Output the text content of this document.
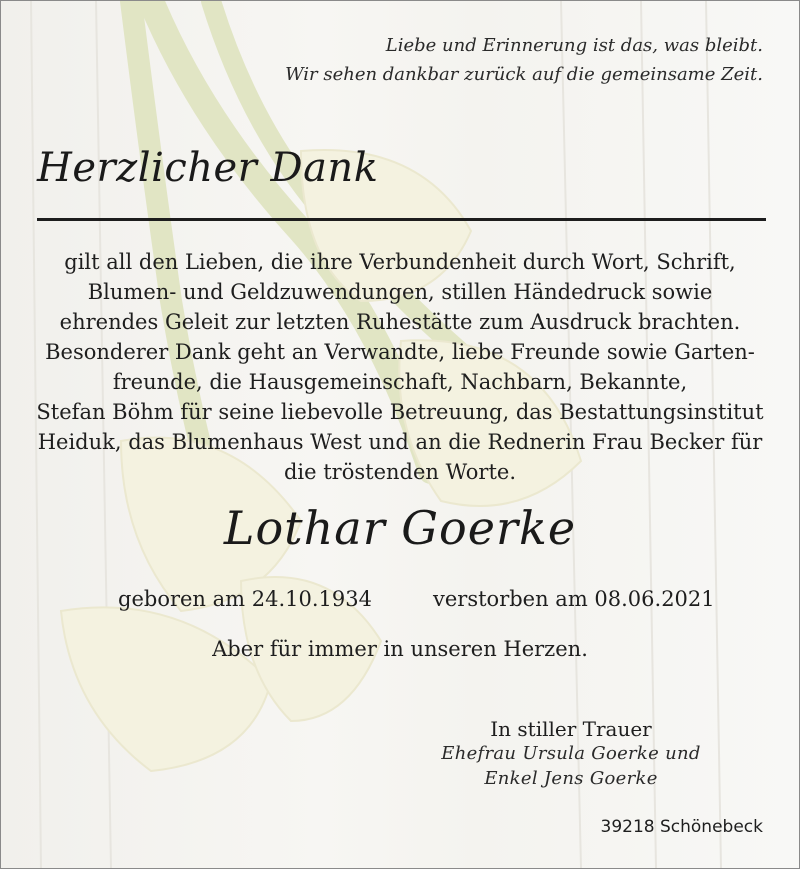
Liebe und Erinnerung ist das, was bleibt.
Wir sehen dankbar zurück auf die gemeinsame Zeit.
Herzlicher Dank
gilt all den Lieben, die ihre Verbundenheit durch Wort, Schrift,
Blumen- und Geldzuwendungen, stillen Händedruck sowie
ehrendes Geleit zur letzten Ruhestätte zum Ausdruck brachten.
Besonderer Dank geht an Verwandte, liebe Freunde sowie Garten-
freunde, die Hausgemeinschaft, Nachbarn, Bekannte,
Stefan Böhm für seine liebevolle Betreuung, das Bestattungsinstitut
Heiduk, das Blumenhaus West und an die Rednerin Frau Becker für
die tröstenden Worte.
Lothar Goerke
geboren am 24.10.1934	verstorben am 08.06.2021
Aber für immer in unseren Herzen.
In stiller Trauer
Ehefrau Ursula Goerke und
Enkel Jens Goerke
39218 Schönebeck
